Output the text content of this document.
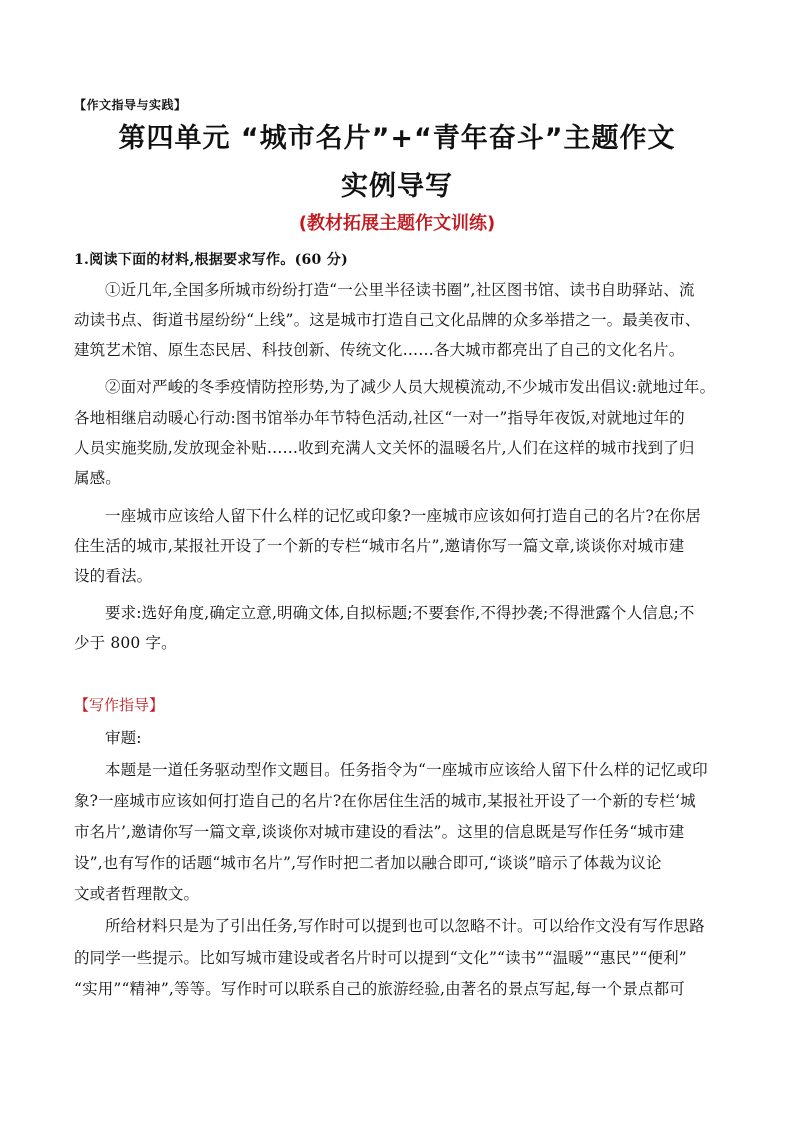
【作文指导与实践】
第四单元 “城市名片”+“青年奋斗”主题作文
实例导写
(教材拓展主题作文训练)
1.阅读下面的材料,根据要求写作。(60 分)
①近几年,全国多所城市纷纷打造“一公里半径读书圈”,社区图书馆、读书自助驿站、流
动读书点、街道书屋纷纷“上线”。这是城市打造自己文化品牌的众多举措之一。最美夜市、
建筑艺术馆、原生态民居、科技创新、传统文化……各大城市都亮出了自己的文化名片。
②面对严峻的冬季疫情防控形势,为了减少人员大规模流动,不少城市发出倡议:就地过年。
各地相继启动暖心行动:图书馆举办年节特色活动,社区“一对一”指导年夜饭,对就地过年的
人员实施奖励,发放现金补贴……收到充满人文关怀的温暖名片,人们在这样的城市找到了归
属感。
一座城市应该给人留下什么样的记忆或印象?一座城市应该如何打造自己的名片?在你居
住生活的城市,某报社开设了一个新的专栏“城市名片”,邀请你写一篇文章,谈谈你对城市建
设的看法。
要求:选好角度,确定立意,明确文体,自拟标题;不要套作,不得抄袭;不得泄露个人信息;不
少于 800 字。
【写作指导】
审题:
本题是一道任务驱动型作文题目。任务指令为“一座城市应该给人留下什么样的记忆或印
象?一座城市应该如何打造自己的名片?在你居住生活的城市,某报社开设了一个新的专栏‘城
市名片’,邀请你写一篇文章,谈谈你对城市建设的看法”。这里的信息既是写作任务“城市建
设”,也有写作的话题“城市名片”,写作时把二者加以融合即可,“谈谈”暗示了体裁为议论
文或者哲理散文。
所给材料只是为了引出任务,写作时可以提到也可以忽略不计。可以给作文没有写作思路
的同学一些提示。比如写城市建设或者名片时可以提到“文化”“读书”“温暖”“惠民”“便利”
“实用”“精神”,等等。写作时可以联系自己的旅游经验,由著名的景点写起,每一个景点都可
